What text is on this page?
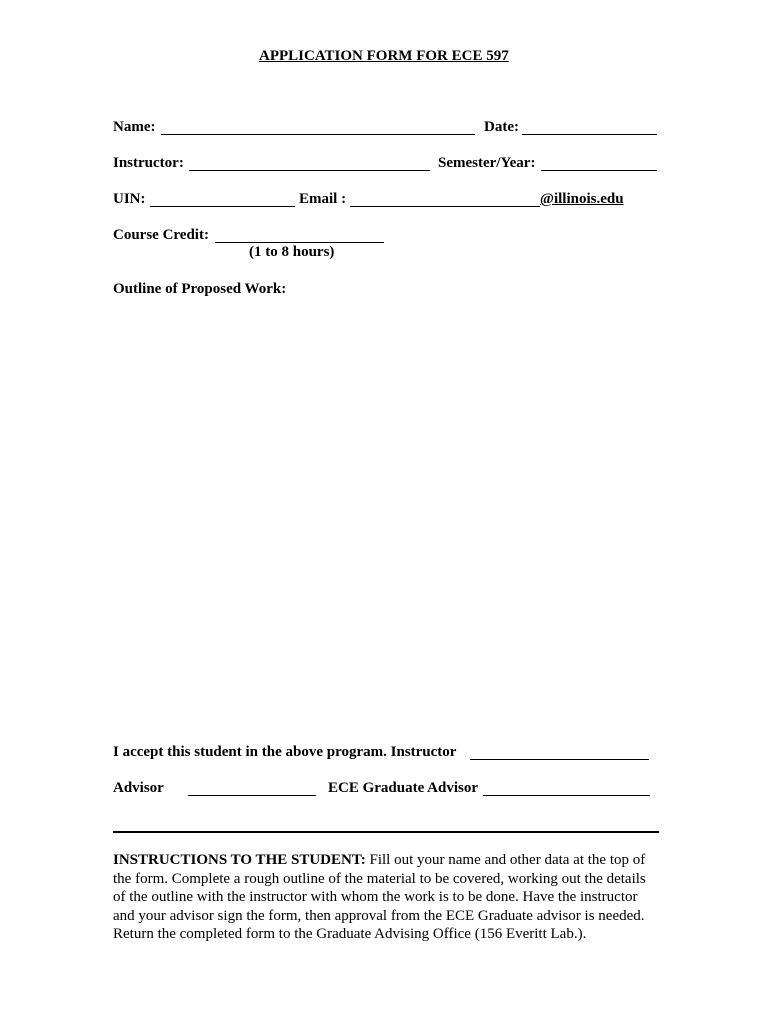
APPLICATION FORM FOR ECE 597
Name:	Date:
Instructor:	Semester/Year:
UIN:	Email :	@illinois.edu
Course Credit:
(1 to 8 hours)
Outline of Proposed Work:
I accept this student in the above program. Instructor
Advisor	ECE Graduate Advisor
INSTRUCTIONS TO THE STUDENT: Fill out your name and other data at the top of the form. Complete a rough outline of the material to be covered, working out the details of the outline with the instructor with whom the work is to be done. Have the instructor and your advisor sign the form, then approval from the ECE Graduate advisor is needed. Return the completed form to the Graduate Advising Office (156 Everitt Lab.).
